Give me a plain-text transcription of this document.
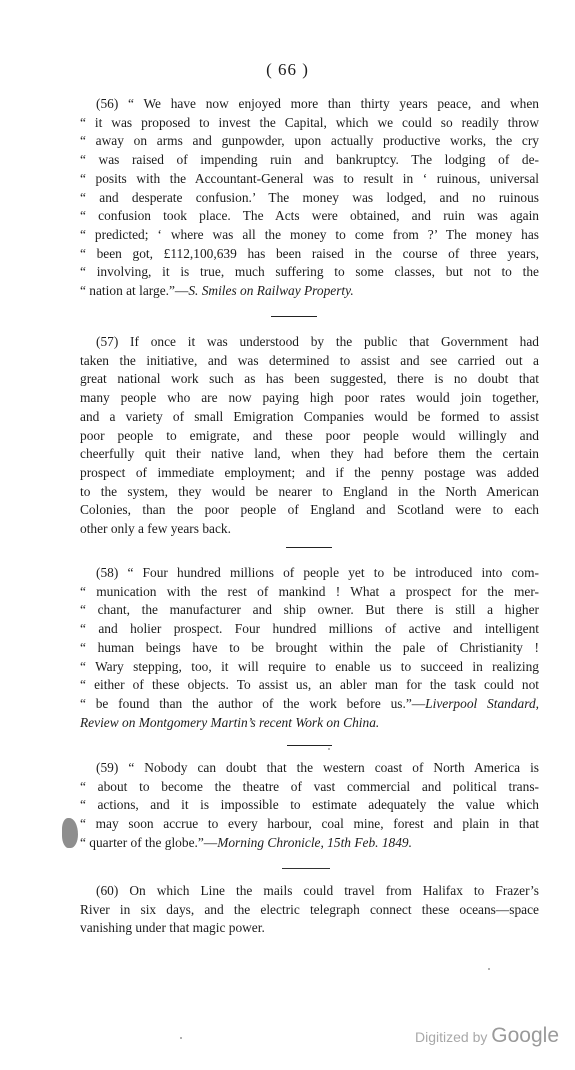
( 66 )
(56) “ We have now enjoyed more than thirty years peace, and when
“ it was proposed to invest the Capital, which we could so readily throw
“ away on arms and gunpowder, upon actually productive works, the cry
“ was raised of impending ruin and bankruptcy. The lodging of de-
“ posits with the Accountant-General was to result in ‘ ruinous, universal
“ and desperate confusion.’ The money was lodged, and no ruinous
“ confusion took place. The Acts were obtained, and ruin was again
“ predicted; ‘ where was all the money to come from ?’ The money has
“ been got, £112,100,639 has been raised in the course of three years,
“ involving, it is true, much suffering to some classes, but not to the
“ nation at large.”—S. Smiles on Railway Property.
(57) If once it was understood by the public that Government had
taken the initiative, and was determined to assist and see carried out a
great national work such as has been suggested, there is no doubt that
many people who are now paying high poor rates would join together,
and a variety of small Emigration Companies would be formed to assist
poor people to emigrate, and these poor people would willingly and
cheerfully quit their native land, when they had before them the certain
prospect of immediate employment; and if the penny postage was added
to the system, they would be nearer to England in the North American
Colonies, than the poor people of England and Scotland were to each
other only a few years back.
(58) “ Four hundred millions of people yet to be introduced into com-
“ munication with the rest of mankind ! What a prospect for the mer-
“ chant, the manufacturer and ship owner. But there is still a higher
“ and holier prospect. Four hundred millions of active and intelligent
“ human beings have to be brought within the pale of Christianity !
“ Wary stepping, too, it will require to enable us to succeed in realizing
“ either of these objects. To assist us, an abler man for the task could not
“ be found than the author of the work before us.”—Liverpool Standard,
Review on Montgomery Martin’s recent Work on China.
(59) “ Nobody can doubt that the western coast of North America is
“ about to become the theatre of vast commercial and political trans-
“ actions, and it is impossible to estimate adequately the value which
“ may soon accrue to every harbour, coal mine, forest and plain in that
“ quarter of the globe.”—Morning Chronicle, 15th Feb. 1849.
(60) On which Line the mails could travel from Halifax to Frazer’s
River in six days, and the electric telegraph connect these oceans—space
vanishing under that magic power.
Digitized by Google
